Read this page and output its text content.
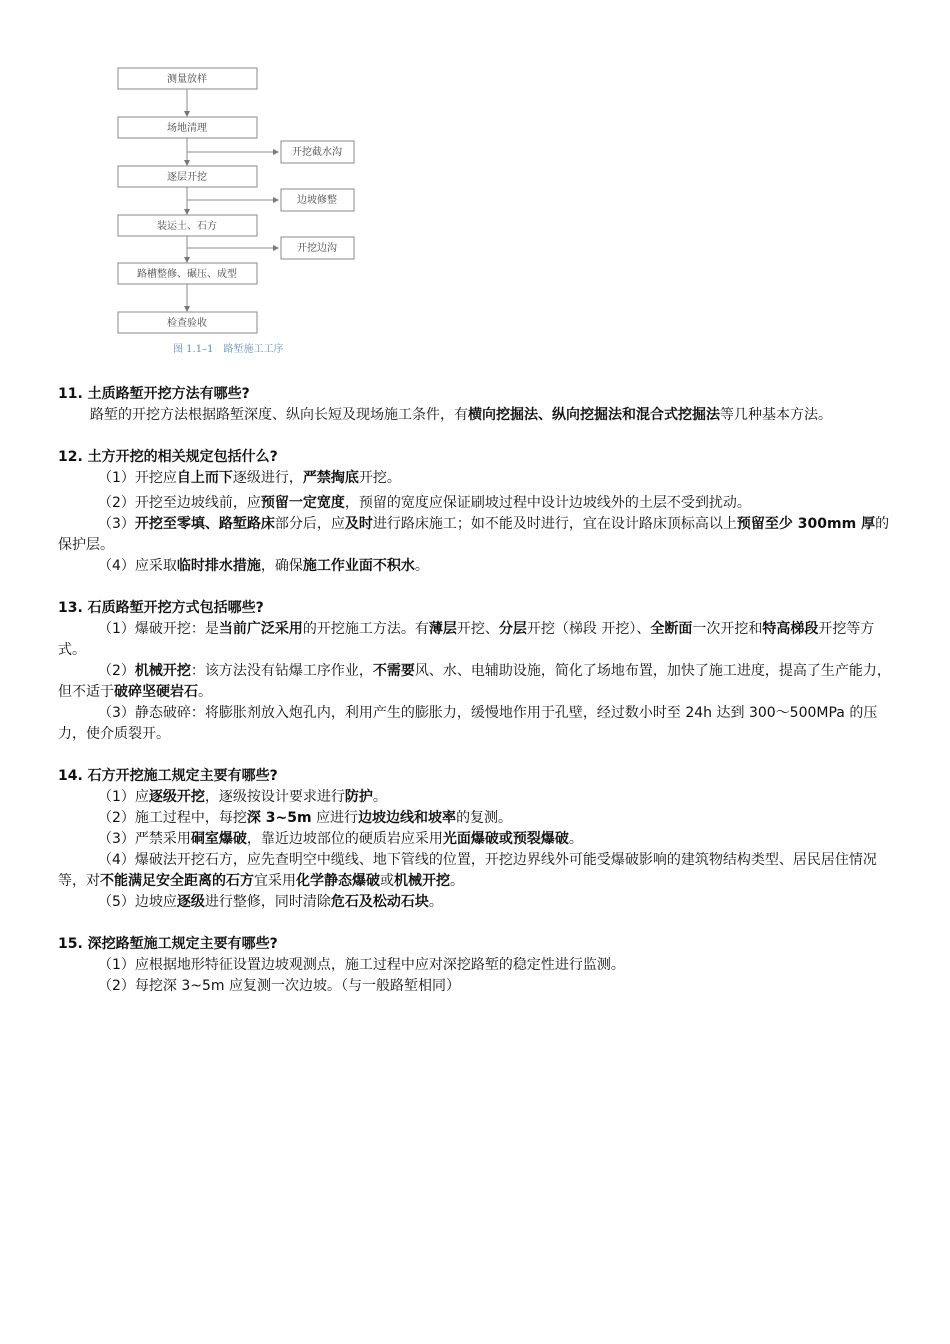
测量放样
场地清理
逐层开挖
装运土、石方
路槽整修、碾压、成型
检查验收
开挖截水沟
边坡修整
开挖边沟
图 1.1–1　路堑施工工序

11. 土质路堑开挖方法有哪些?

路堑的开挖方法根据路堑深度、纵向长短及现场施工条件，有横向挖掘法、纵向挖掘法和混合式挖掘法等几种基本方法。

12. 土方开挖的相关规定包括什么?

（1）开挖应自上而下逐级进行，严禁掏底开挖。

（2）开挖至边坡线前，应预留一定宽度，预留的宽度应保证刷坡过程中设计边坡线外的土层不受到扰动。

（3）开挖至零填、路堑路床部分后，应及时进行路床施工；如不能及时进行，宜在设计路床顶标高以上预留至少 300mm 厚的保护层。

（4）应采取临时排水措施，确保施工作业面不积水。

13. 石质路堑开挖方式包括哪些?

（1）爆破开挖：是当前广泛采用的开挖施工方法。有薄层开挖、分层开挖（梯段 开挖）、全断面一次开挖和特高梯段开挖等方式。

（2）机械开挖：该方法没有钻爆工序作业，不需要风、水、电辅助设施，简化了场地布置，加快了施工进度，提高了生产能力，但不适于破碎坚硬岩石。

（3）静态破碎：将膨胀剂放入炮孔内，利用产生的膨胀力，缓慢地作用于孔壁，经过数小时至 24h 达到 300～500MPa 的压力，使介质裂开。

14. 石方开挖施工规定主要有哪些?

（1）应逐级开挖，逐级按设计要求进行防护。

（2）施工过程中，每挖深 3~5m 应进行边坡边线和坡率的复测。

（3）严禁采用硐室爆破，靠近边坡部位的硬质岩应采用光面爆破或预裂爆破。

（4）爆破法开挖石方，应先查明空中缆线、地下管线的位置，开挖边界线外可能受爆破影响的建筑物结构类型、居民居住情况等，对不能满足安全距离的石方宜采用化学静态爆破或机械开挖。

（5）边坡应逐级进行整修，同时清除危石及松动石块。

15. 深挖路堑施工规定主要有哪些?

（1）应根据地形特征设置边坡观测点，施工过程中应对深挖路堑的稳定性进行监测。

（2）每挖深 3~5m 应复测一次边坡。（与一般路堑相同）
